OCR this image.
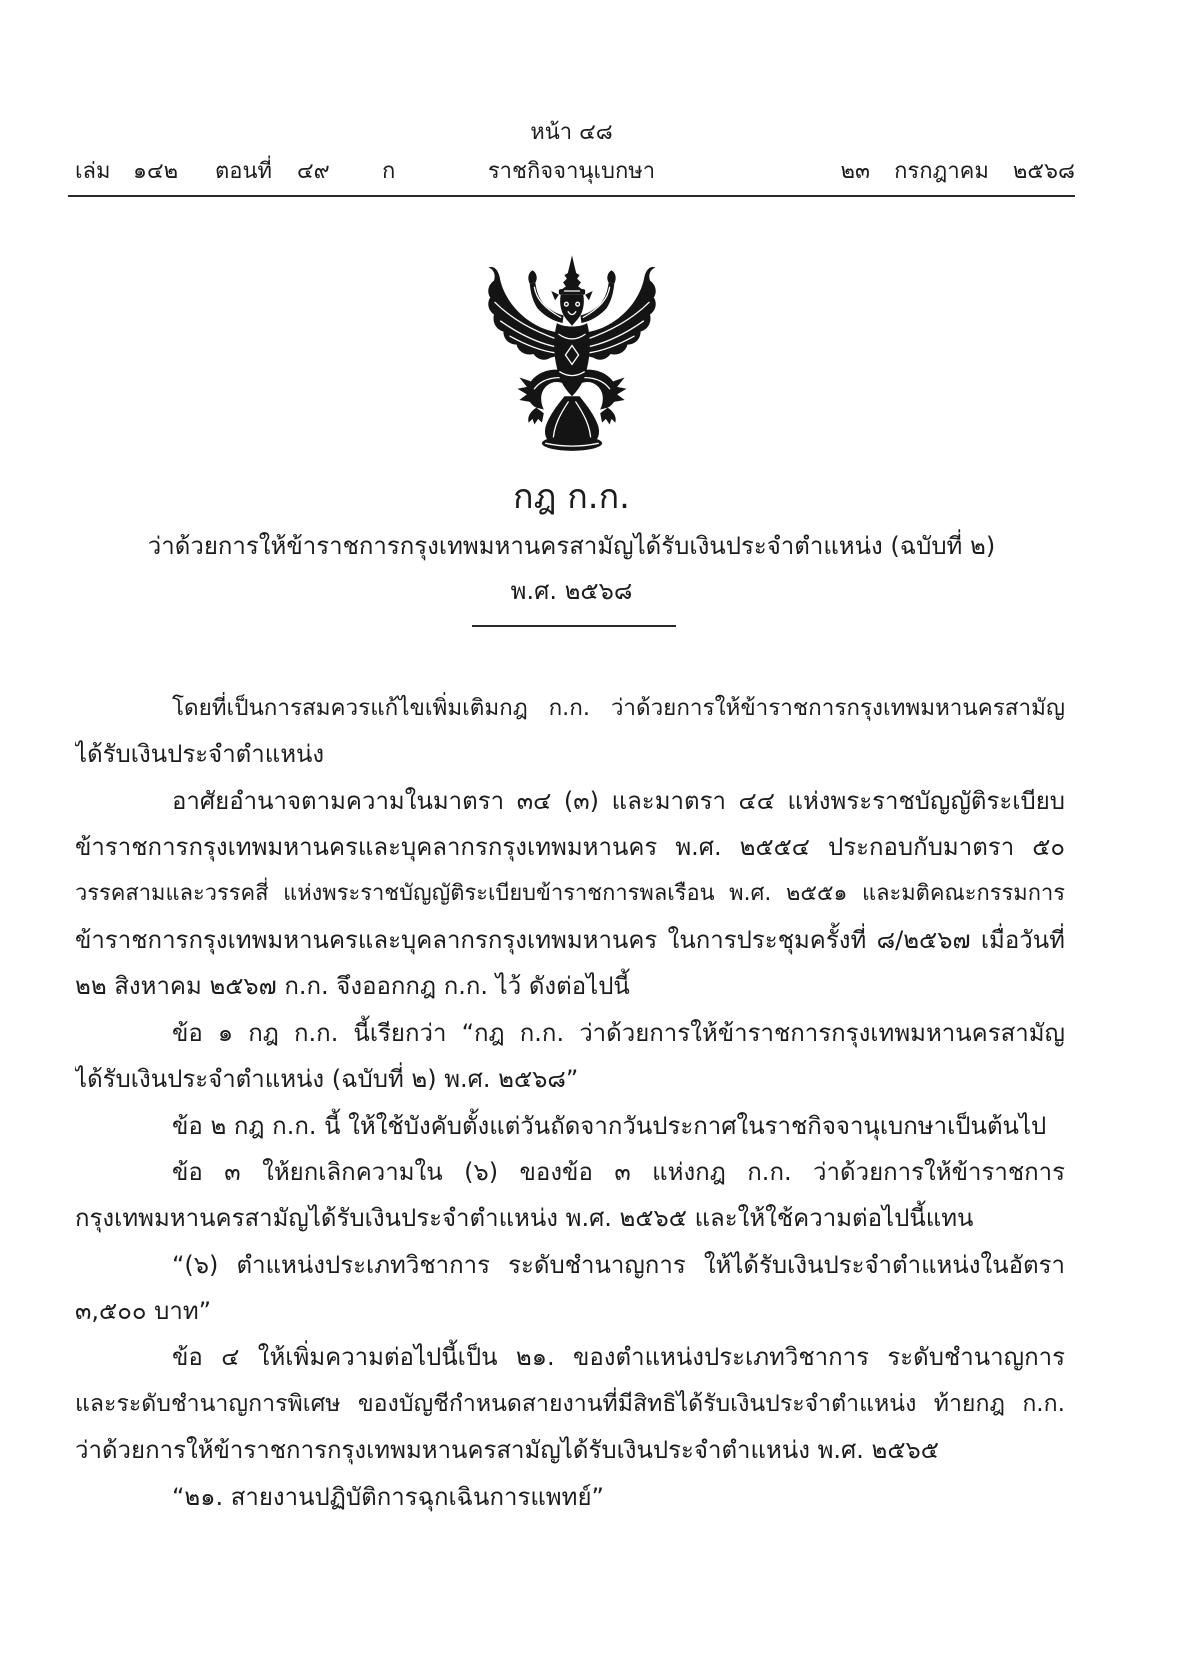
หน้า ๔๘
เล่ม ๑๔๒ ตอนที่ ๔๙ ก	ราชกิจจานุเบกษา	๒๓ กรกฎาคม ๒๕๖๘
กฎ ก.ก.
ว่าด้วยการให้ข้าราชการกรุงเทพมหานครสามัญได้รับเงินประจำตำแหน่ง (ฉบับที่ ๒)
พ.ศ. ๒๕๖๘
โดยที่เป็นการสมควรแก้ไขเพิ่มเติมกฎ ก.ก. ว่าด้วยการให้ข้าราชการกรุงเทพมหานครสามัญ
ได้รับเงินประจำตำแหน่ง
อาศัยอำนาจตามความในมาตรา ๓๔ (๓) และมาตรา ๔๔ แห่งพระราชบัญญัติระเบียบ
ข้าราชการกรุงเทพมหานครและบุคลากรกรุงเทพมหานคร พ.ศ. ๒๕๕๔ ประกอบกับมาตรา ๕๐
วรรคสามและวรรคสี่ แห่งพระราชบัญญัติระเบียบข้าราชการพลเรือน พ.ศ. ๒๕๕๑ และมติคณะกรรมการ
ข้าราชการกรุงเทพมหานครและบุคลากรกรุงเทพมหานคร ในการประชุมครั้งที่ ๘/๒๕๖๗ เมื่อวันที่
๒๒ สิงหาคม ๒๕๖๗ ก.ก. จึงออกกฎ ก.ก. ไว้ ดังต่อไปนี้
ข้อ ๑ กฎ ก.ก. นี้เรียกว่า “กฎ ก.ก. ว่าด้วยการให้ข้าราชการกรุงเทพมหานครสามัญ
ได้รับเงินประจำตำแหน่ง (ฉบับที่ ๒) พ.ศ. ๒๕๖๘”
ข้อ ๒ กฎ ก.ก. นี้ ให้ใช้บังคับตั้งแต่วันถัดจากวันประกาศในราชกิจจานุเบกษาเป็นต้นไป
ข้อ ๓ ให้ยกเลิกความใน (๖) ของข้อ ๓ แห่งกฎ ก.ก. ว่าด้วยการให้ข้าราชการ
กรุงเทพมหานครสามัญได้รับเงินประจำตำแหน่ง พ.ศ. ๒๕๖๕ และให้ใช้ความต่อไปนี้แทน
“(๖) ตำแหน่งประเภทวิชาการ ระดับชำนาญการ ให้ได้รับเงินประจำตำแหน่งในอัตรา
๓,๕๐๐ บาท”
ข้อ ๔ ให้เพิ่มความต่อไปนี้เป็น ๒๑. ของตำแหน่งประเภทวิชาการ ระดับชำนาญการ
และระดับชำนาญการพิเศษ ของบัญชีกำหนดสายงานที่มีสิทธิได้รับเงินประจำตำแหน่ง ท้ายกฎ ก.ก.
ว่าด้วยการให้ข้าราชการกรุงเทพมหานครสามัญได้รับเงินประจำตำแหน่ง พ.ศ. ๒๕๖๕
“๒๑. สายงานปฏิบัติการฉุกเฉินการแพทย์”
